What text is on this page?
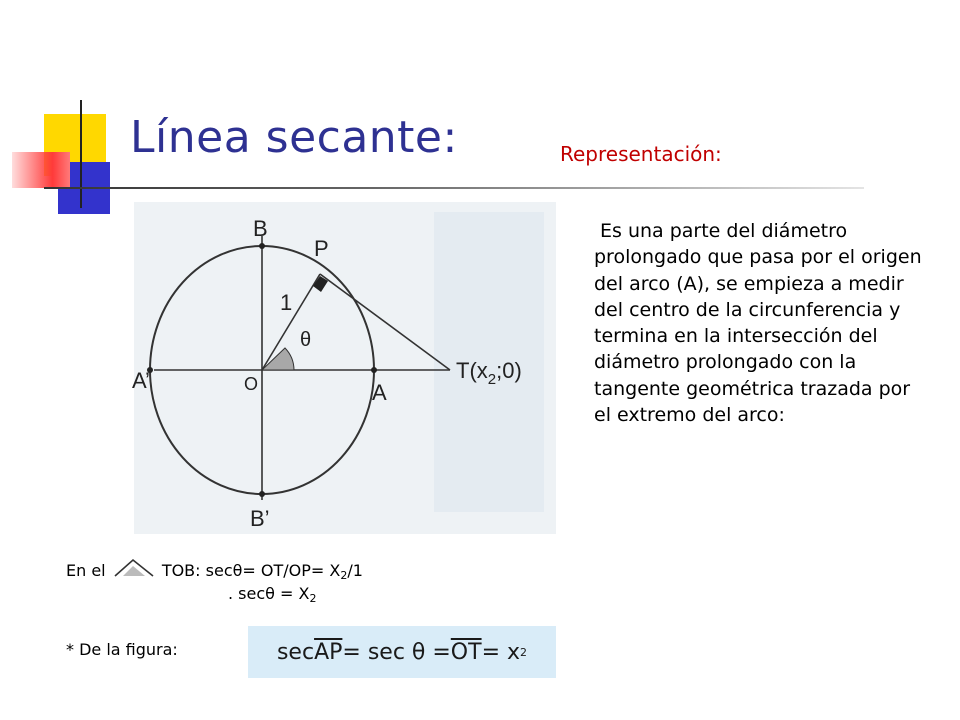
Línea secante:	Representación:
B
P
1
θ
A’	O	A
$T(x_2;0)$
B’
Es una parte del diámetro prolongado que pasa por el origen del arco (A), se empieza a medir del centro de la circunferencia y termina en la intersección del diámetro prolongado con la tangente geométrica trazada por el extremo del arco:
En el	TOB: $\sec\theta= OT/OP= X_2/1$
. $\sec\theta = X_2$
* De la figura:	$\sec \overline{AP} = \sec \theta = \overline{OT} = x$ 2
